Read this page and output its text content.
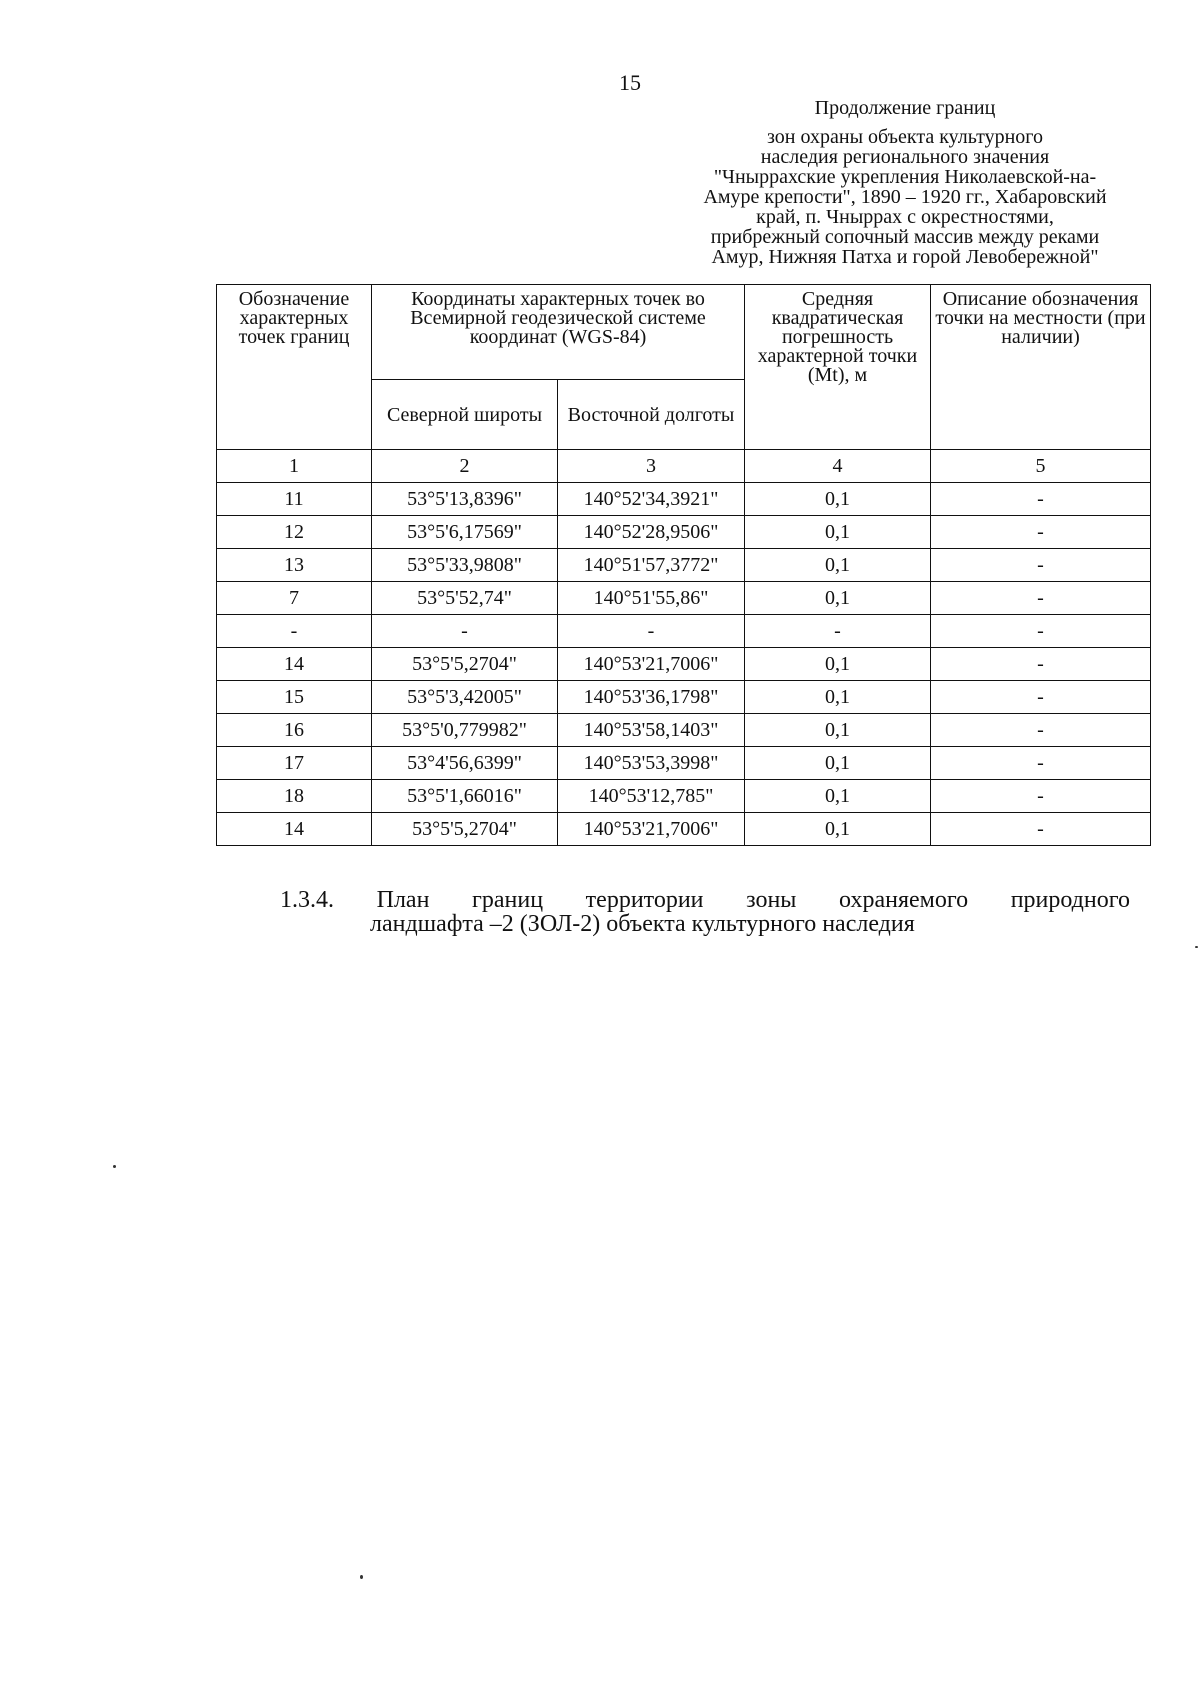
15
Продолжение границ
зон охраны объекта культурного
наследия регионального значения
"Чныррахские укрепления Николаевской-на-
Амуре крепости", 1890 – 1920 гг., Хабаровский
край, п. Чныррах с окрестностями,
прибрежный сопочный массив между реками
Амур, Нижняя Патха и горой Левобережной"
Обозначение характерных точек границ	Координаты характерных точек во Всемирной геодезической системе координат (WGS-84)		Средняя квадратическая погрешность характерной точки (Mt), м	Описание обозначения точки на местности (при наличии)
	Северной широты	Восточной долготы		
1	2	3	4	5
11	53°5'13,8396"	140°52'34,3921"	0,1	-
12	53°5'6,17569"	140°52'28,9506"	0,1	-
13	53°5'33,9808"	140°51'57,3772"	0,1	-
7	53°5'52,74"	140°51'55,86"	0,1	-
-	-	-	-	-
14	53°5'5,2704"	140°53'21,7006"	0,1	-
15	53°5'3,42005"	140°53'36,1798"	0,1	-
16	53°5'0,779982"	140°53'58,1403"	0,1	-
17	53°4'56,6399"	140°53'53,3998"	0,1	-
18	53°5'1,66016"	140°53'12,785"	0,1	-
14	53°5'5,2704"	140°53'21,7006"	0,1	-
1.3.4. План границ территории зоны охраняемого природного
ландшафта –2 (ЗОЛ-2) объекта культурного наследия
